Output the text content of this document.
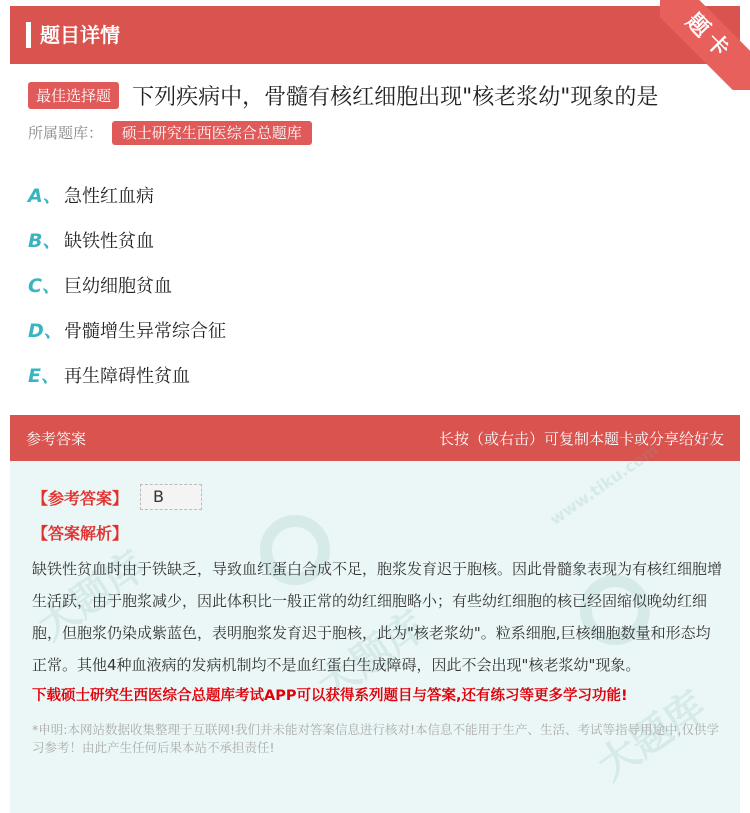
题目详情	题卡
最佳选择题 下列疾病中，骨髓有核红细胞出现"核老浆幼"现象的是
所属题库： 硕士研究生西医综合总题库
A、 急性红血病
B、 缺铁性贫血
C、 巨幼细胞贫血
D、 骨髓增生异常综合征
E、 再生障碍性贫血
参考答案	长按（或右击）可复制本题卡或分享给好友
大题库
大题库
大题库
www.tiku.com
【参考答案】	B
【答案解析】
缺铁性贫血时由于铁缺乏，导致血红蛋白合成不足，胞浆发育迟于胞核。因此骨髓象表现为有核红细胞增生活跃，由于胞浆减少，因此体积比一般正常的幼红细胞略小；有些幼红细胞的核已经固缩似晚幼红细胞，但胞浆仍染成紫蓝色，表明胞浆发育迟于胞核，此为"核老浆幼"。粒系细胞,巨核细胞数量和形态均正常。其他4种血液病的发病机制均不是血红蛋白生成障碍，因此不会出现"核老浆幼"现象。
下载硕士研究生西医综合总题库考试APP可以获得系列题目与答案,还有练习等更多学习功能!
*申明:本网站数据收集整理于互联网!我们并未能对答案信息进行核对!本信息不能用于生产、生活、考试等指导用途中,仅供学习参考！由此产生任何后果本站不承担责任!
